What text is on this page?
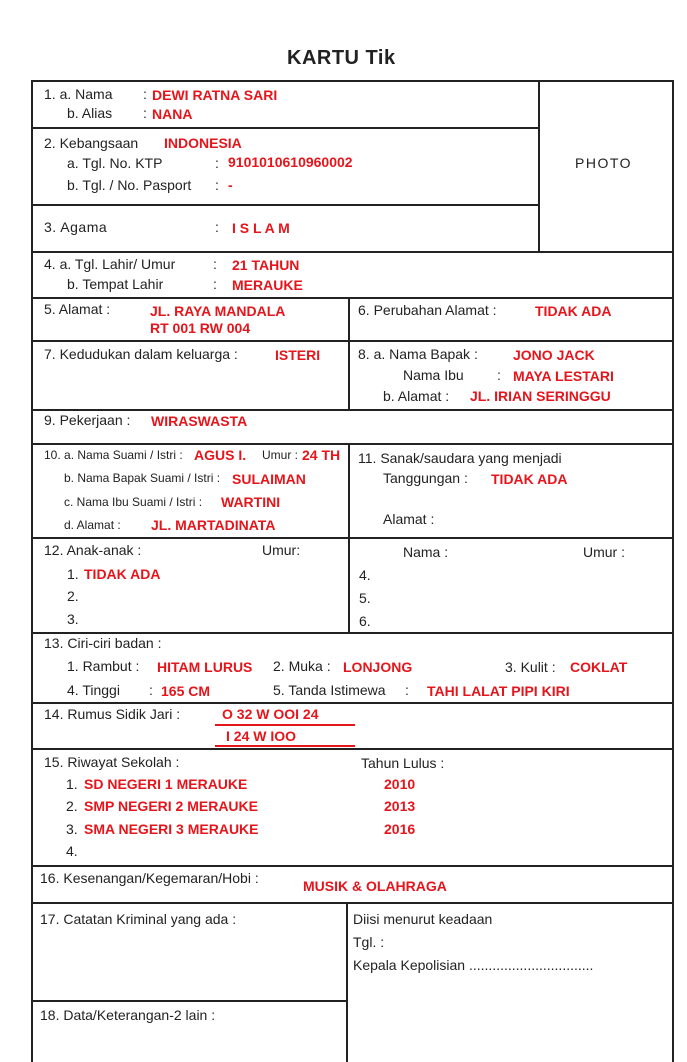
KARTU Tik
PHOTO
1. a. Nama : DEWI RATNA SARI
b. Alias : NANA
2. Kebangsaan INDONESIA
a. Tgl. No. KTP	: 9101010610960002
b. Tgl. / No. Pasport : -
3. Agama	: I S L A M
4. a. Tgl. Lahir/ Umur	: 21 TAHUN
b. Tempat Lahir	: MERAUKE
5. Alamat :	JL. RAYA MANDALA
RT 001 RW 004
6. Perubahan Alamat :	TIDAK ADA
7. Kedudukan dalam keluarga :	ISTERI	8. a. Nama Bapak :	JONO JACK
Nama Ibu : MAYA LESTARI
b. Alamat : JL. IRIAN SERINGGU
9. Pekerjaan : WIRASWASTA
10. a. Nama Suami / Istri : AGUS I. Umur : 24 TH
b. Nama Bapak Suami / Istri : SULAIMAN
c. Nama Ibu Suami / Istri : WARTINI
d. Alamat : JL. MARTADINATA
11. Sanak/saudara yang menjadi
Tanggungan : TIDAK ADA
Alamat :
12. Anak-anak :	Umur:	Nama :	Umur :
1. TIDAK ADA
2.
3.
4.
5.
6.
13. Ciri-ciri badan :
1. Rambut : HITAM LURUS 2. Muka : LONJONG	3. Kulit : COKLAT
4. Tinggi : 165 CM	5. Tanda Istimewa : TAHI LALAT PIPI KIRI
14. Rumus Sidik Jari :	O 32 W OOI 24
I 24 W IOO
15. Riwayat Sekolah :	Tahun Lulus :
1. SD NEGERI 1 MERAUKE	2010
2. SMP NEGERI 2 MERAUKE	2013
3. SMA NEGERI 3 MERAUKE	2016
4.
16. Kesenangan/Kegemaran/Hobi :	MUSIK & OLAHRAGA
17. Catatan Kriminal yang ada :
18. Data/Keterangan-2 lain :
Diisi menurut keadaan
Tgl. :
Kepala Kepolisian ................................
